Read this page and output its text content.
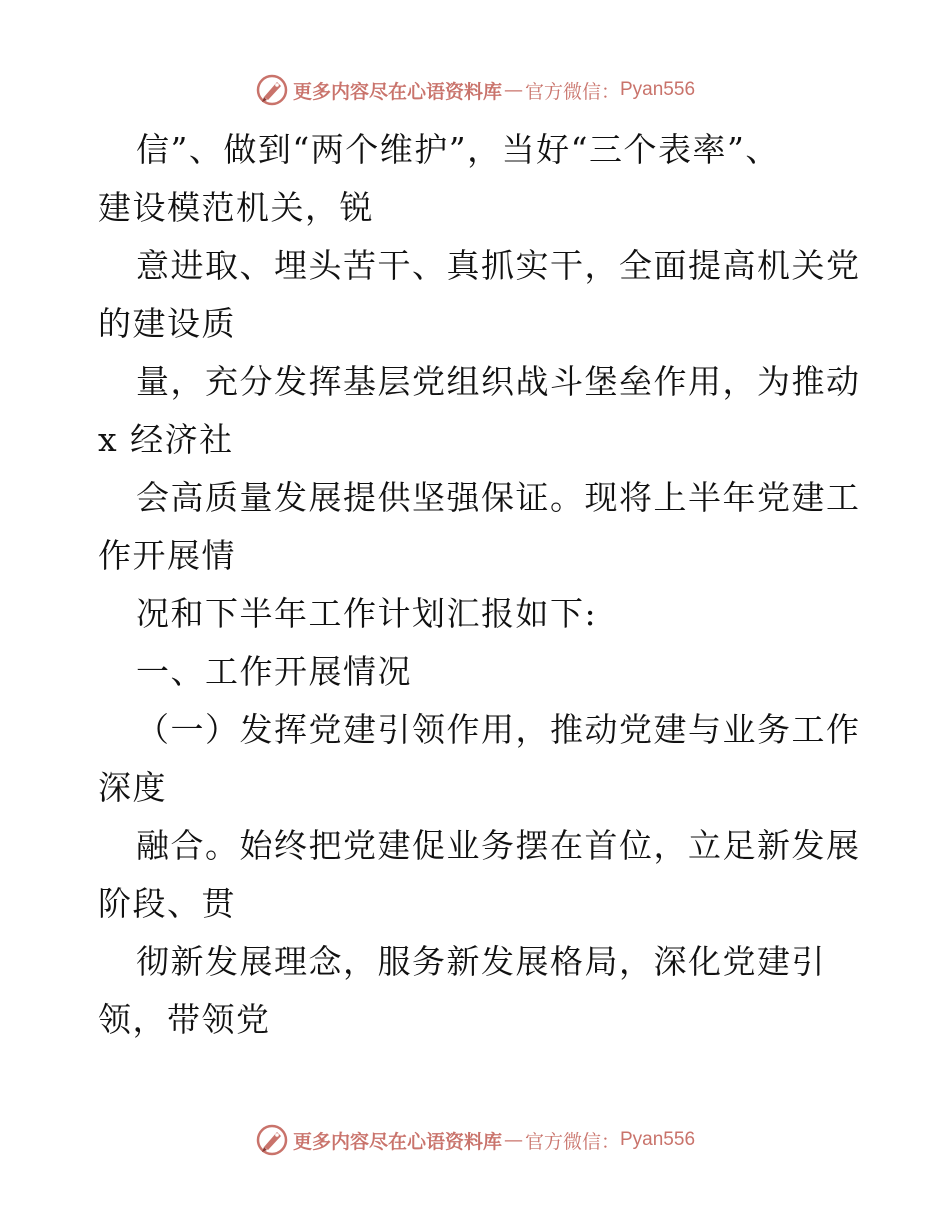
更多内容尽在心语资料库 — 官方微信： Pyan556
信”、做到“两个维护”，当好“三个表率”、
建设模范机关，锐
意进取、埋头苦干、真抓实干，全面提高机关党
的建设质
量，充分发挥基层党组织战斗堡垒作用，为推动
x 经济社
会高质量发展提供坚强保证。现将上半年党建工
作开展情
况和下半年工作计划汇报如下:
一、工作开展情况
（一）发挥党建引领作用，推动党建与业务工作
深度
融合。始终把党建促业务摆在首位，立足新发展
阶段、贯
彻新发展理念，服务新发展格局，深化党建引
领，带领党
更多内容尽在心语资料库 — 官方微信： Pyan556
